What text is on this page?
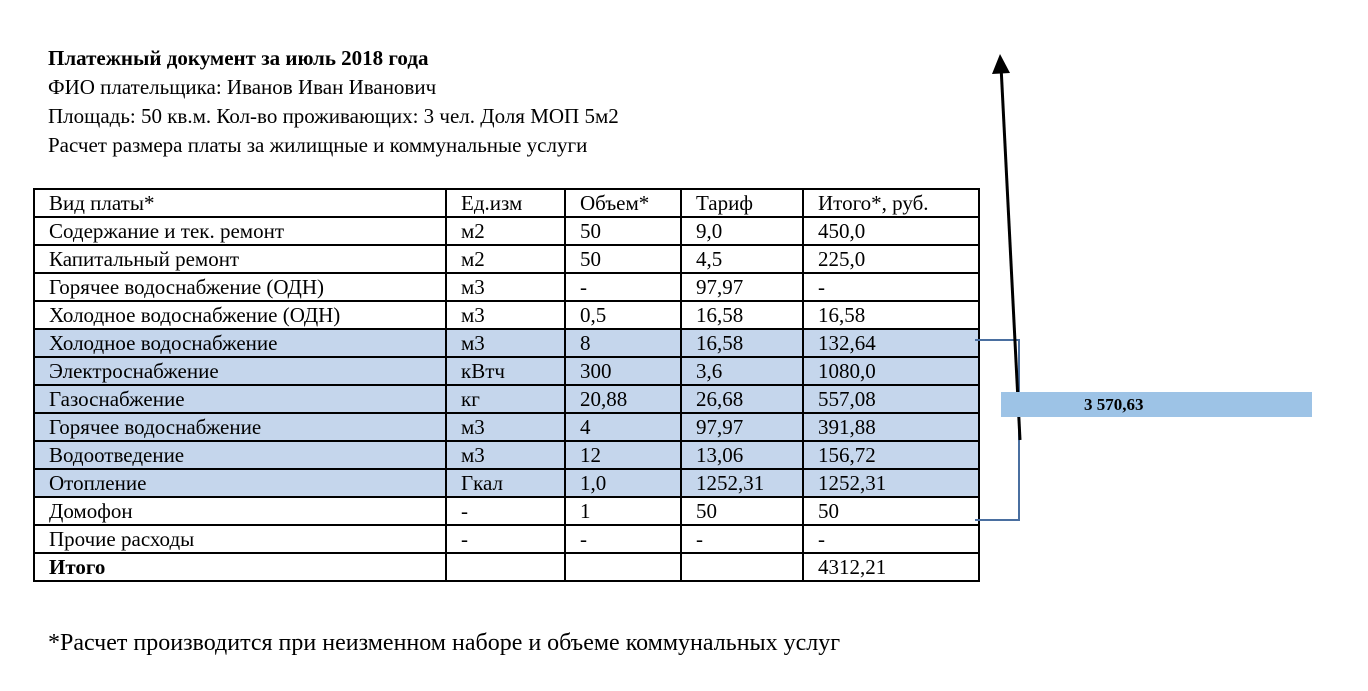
Платежный документ за июль 2018 года
ФИО плательщика: Иванов Иван Иванович
Площадь: 50 кв.м. Кол-во проживающих: 3 чел. Доля МОП 5м2
Расчет размера платы за жилищные и коммунальные услуги
Вид платы*	Ед.изм	Объем*	Тариф	Итого*, руб.
Содержание и тек. ремонт	м2	50	9,0	450,0
Капитальный ремонт	м2	50	4,5	225,0
Горячее водоснабжение (ОДН)	м3	-	97,97	-
Холодное водоснабжение (ОДН)	м3	0,5	16,58	16,58
Холодное водоснабжение	м3	8	16,58	132,64
Электроснабжение	кВтч	300	3,6	1080,0
Газоснабжение	кг	20,88	26,68	557,08
Горячее водоснабжение	м3	4	97,97	391,88
Водоотведение	м3	12	13,06	156,72
Отопление	Гкал	1,0	1252,31	1252,31
Домофон	-	1	50	50
Прочие расходы	-	-	-	-
Итого				4312,21
3 570,63
*Расчет производится при неизменном наборе и объеме коммунальных услуг
